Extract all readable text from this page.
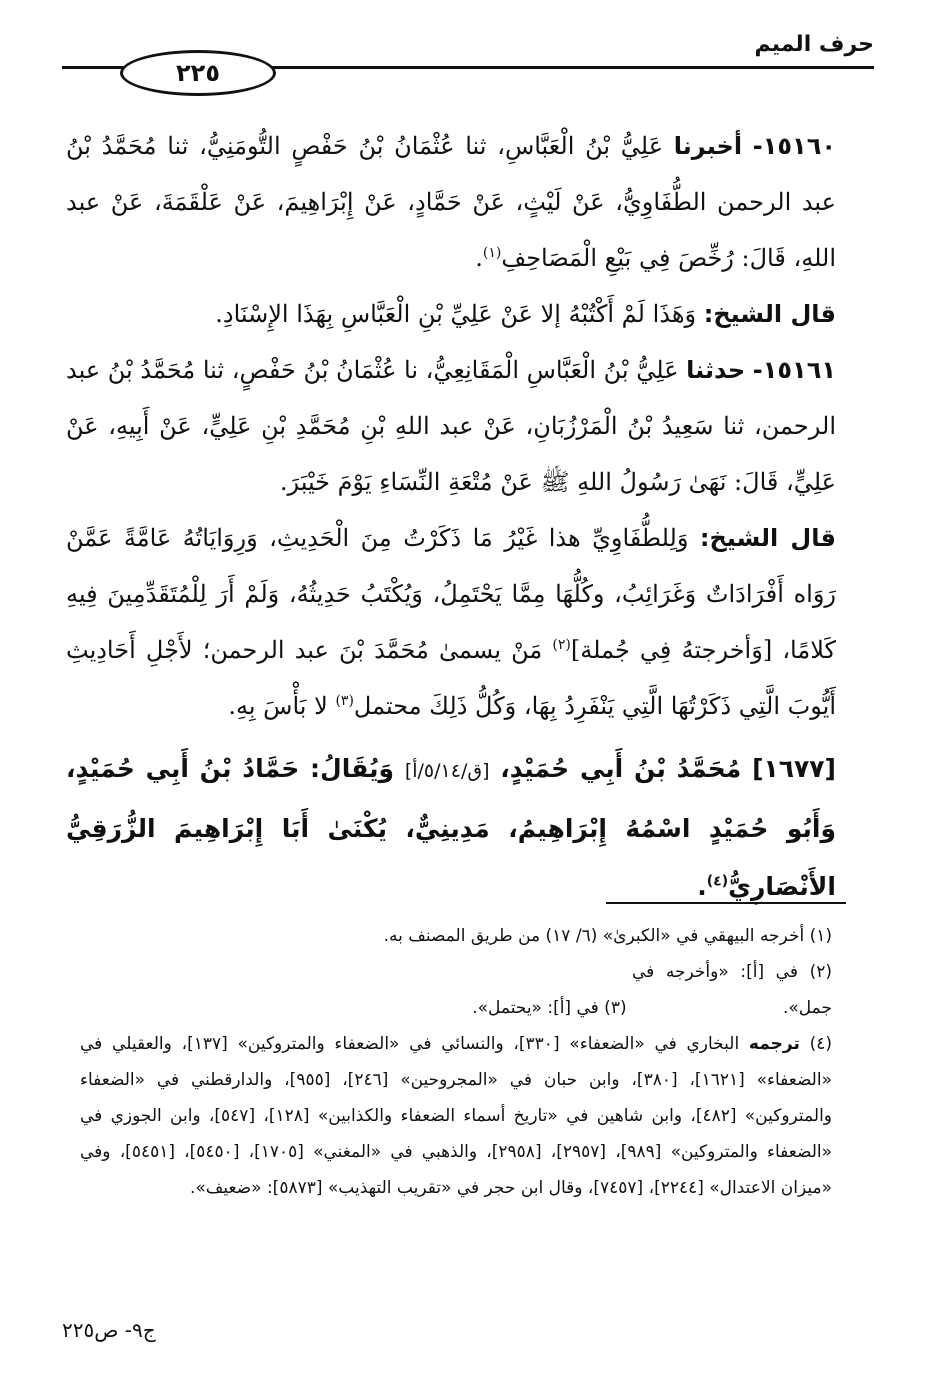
حرف الميم
٢٢٥

١٥١٦٠- أخبرنا عَلِيُّ بْنُ الْعَبَّاسِ، ثنا عُثْمَانُ بْنُ حَفْصٍ التُّومَنِيُّ، ثنا مُحَمَّدُ بْنُ عبد الرحمن الطُّفَاوِيُّ، عَنْ لَيْثٍ، عَنْ حَمَّادٍ، عَنْ إِبْرَاهِيمَ، عَنْ عَلْقَمَةَ، عَنْ عبد اللهِ، قَالَ: رُخِّصَ فِي بَيْعِ الْمَصَاحِفِ$^{(١)}$.

قال الشيخ: وَهَذَا لَمْ أَكْتُبْهُ إلا عَنْ عَلِيِّ بْنِ الْعَبَّاسِ بِهَذَا الإِسْنَادِ.

١٥١٦١- حدثنا عَلِيُّ بْنُ الْعَبَّاسِ الْمَقَانِعِيُّ، نا عُثْمَانُ بْنُ حَفْصٍ، ثنا مُحَمَّدُ بْنُ عبد الرحمن، ثنا سَعِيدُ بْنُ الْمَرْزُبَانِ، عَنْ عبد اللهِ بْنِ مُحَمَّدِ بْنِ عَلِيٍّ، عَنْ أَبِيهِ، عَنْ عَلِيٍّ، قَالَ: نَهَىٰ رَسُولُ اللهِ ﷺ عَنْ مُتْعَةِ النِّسَاءِ يَوْمَ خَيْبَرَ.

قال الشيخ: وَلِلطُّفَاوِيِّ هذا غَيْرُ مَا ذَكَرْتُ مِنَ الْحَدِيثِ، وَرِوَايَاتُهُ عَامَّةً عَمَّنْ رَوَاه أَفْرَادَاتٌ وَغَرَائِبُ، وكُلُّهَا مِمَّا يَحْتَمِلُ، وَيُكْتَبُ حَدِيثُهُ، وَلَمْ أَرَ لِلْمُتَقَدِّمِينَ فِيهِ كَلامًا، [وَأخرجتهُ فِي جُملة]$^{(٢)}$ مَنْ يسمىٰ مُحَمَّدَ بْنَ عبد الرحمن؛ لأَجْلِ أَحَادِيثِ أَيُّوبَ الَّتِي ذَكَرْتُهَا الَّتِي يَنْفَرِدُ بِهَا، وَكُلُّ ذَلِكَ محتمل$^{(٣)}$ لا بَأْسَ بِهِ.

[١٦٧٧] مُحَمَّدُ بْنُ أَبِي حُمَيْدٍ، [ق/٥/١٤/أ] وَيُقَالُ: حَمَّادُ بْنُ أَبِي حُمَيْدٍ، وَأَبُو حُمَيْدٍ اسْمُهُ إِبْرَاهِيمُ، مَدِينِيٌّ، يُكْنَىٰ أَبَا إِبْرَاهِيمَ الزُّرَقِيُّ الأَنْصَارِيُّ$^{(٤)}$.

(١) أخرجه البيهقي في «الكبرىٰ» (٦/ ١٧) من طريق المصنف به.

(٢) في [أ]: «وأخرجه في جمل». (٣) في [أ]: «يحتمل».

(٤) ترجمه البخاري في «الضعفاء» [٣٣٠]، والنسائي في «الضعفاء والمتروكين» [١٣٧]، والعقيلي في «الضعفاء» [١٦٢١]، [٣٨٠]، وابن حبان في «المجروحين» [٢٤٦]، [٩٥٥]، والدارقطني في «الضعفاء والمتروكين» [٤٨٢]، وابن شاهين في «تاريخ أسماء الضعفاء والكذابين» [١٢٨]، [٥٤٧]، وابن الجوزي في «الضعفاء والمتروكين» [٩٨٩]، [٢٩٥٧]، [٢٩٥٨]، والذهبي في «المغني» [١٧٠٥]، [٥٤٥٠]، [٥٤٥١]، وفي «ميزان الاعتدال» [٢٢٤٤]، [٧٤٥٧]، وقال ابن حجر في «تقريب التهذيب» [٥٨٧٣]: «ضعيف».

ج٩- ص٢٢٥
